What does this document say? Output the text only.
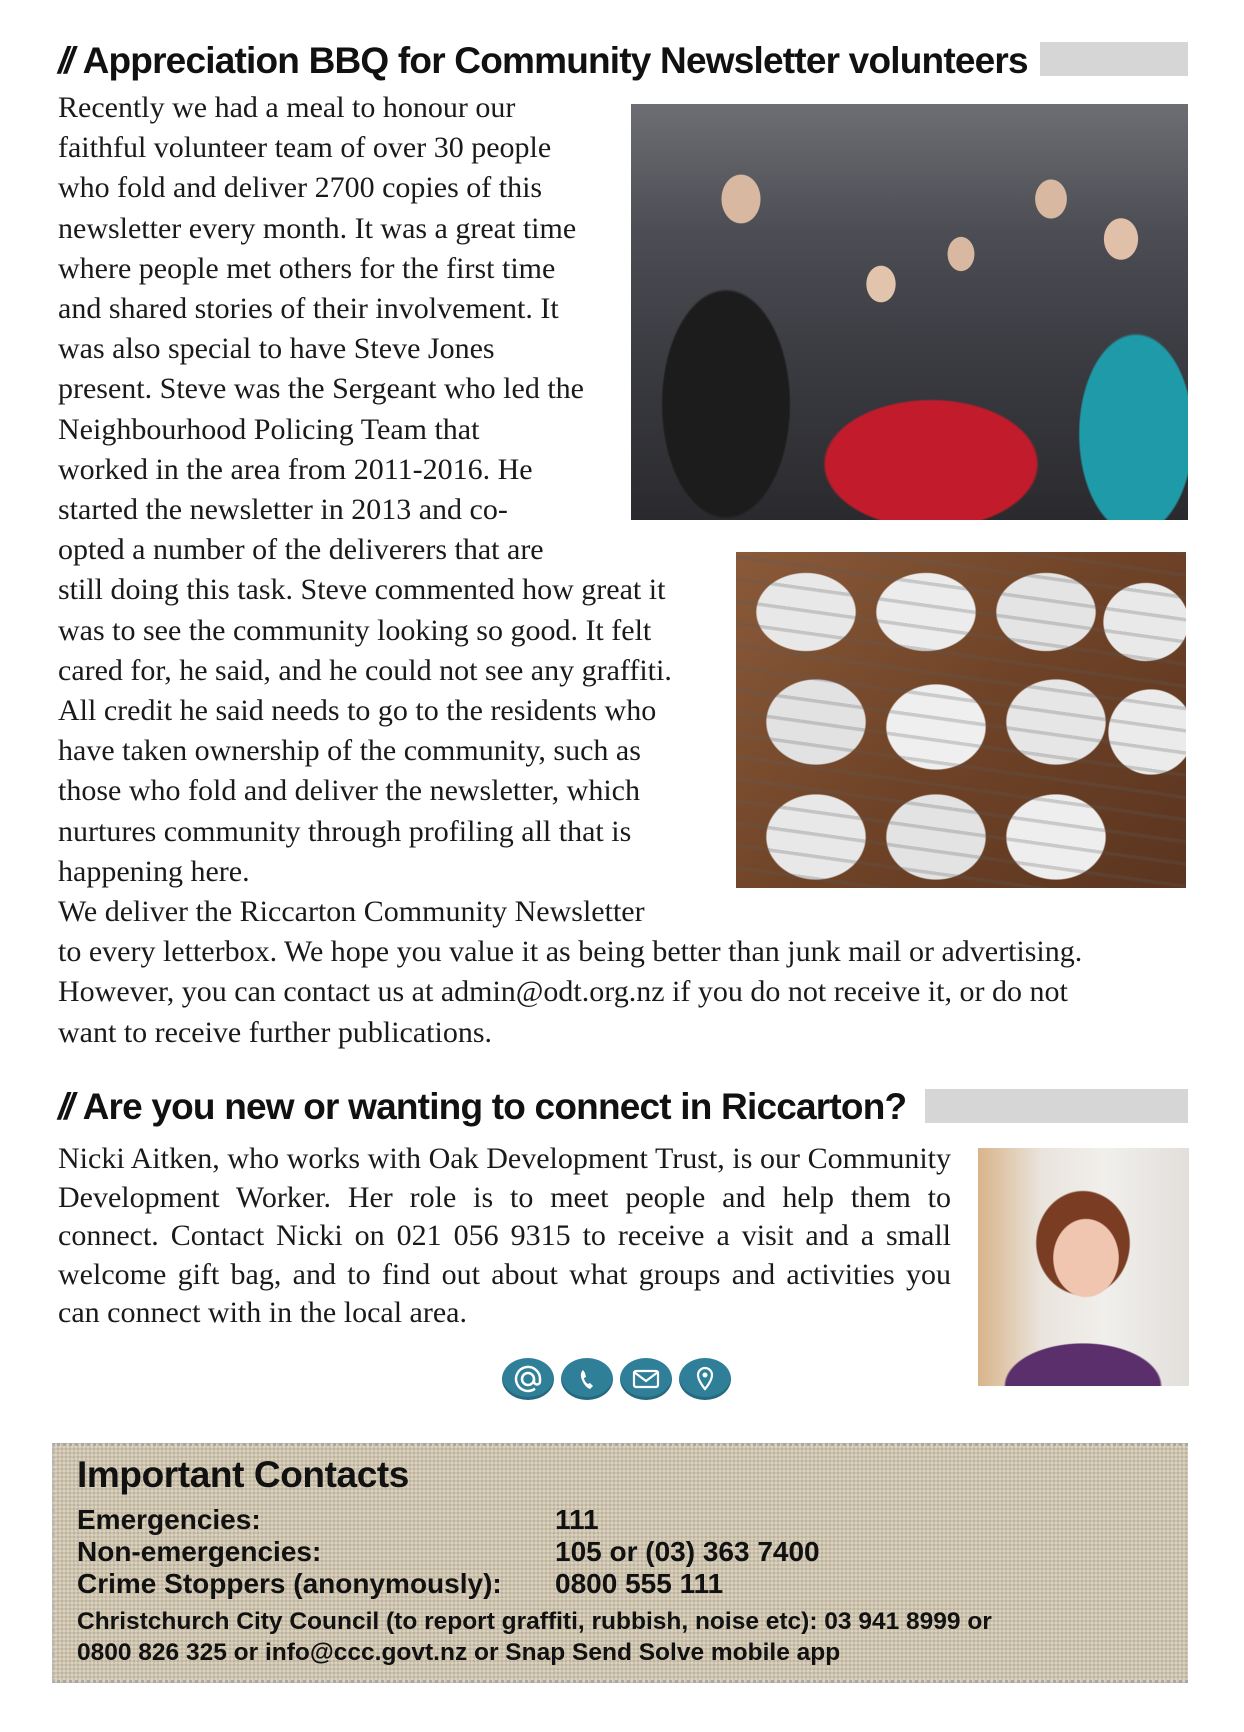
// Appreciation BBQ for Community Newsletter volunteers
Recently we had a meal to honour our
faithful volunteer team of over 30 people
who fold and deliver 2700 copies of this
newsletter every month. It was a great time
where people met others for the first time
and shared stories of their involvement. It
was also special to have Steve Jones
present. Steve was the Sergeant who led the
Neighbourhood Policing Team that
worked in the area from 2011-2016. He
started the newsletter in 2013 and co-
opted a number of the deliverers that are
still doing this task. Steve commented how great it
was to see the community looking so good. It felt
cared for, he said, and he could not see any graffiti.
All credit he said needs to go to the residents who
have taken ownership of the community, such as
those who fold and deliver the newsletter, which
nurtures community through profiling all that is
happening here.
We deliver the Riccarton Community Newsletter
to every letterbox. We hope you value it as being better than junk mail or advertising.
However, you can contact us at admin@odt.org.nz if you do not receive it, or do not
want to receive further publications.
// Are you new or wanting to connect in Riccarton?
Nicki Aitken, who works with Oak Development Trust, is our Community Development Worker. Her role is to meet people and help them to connect. Contact Nicki on 021 056 9315 to receive a visit and a small welcome gift bag, and to find out about what groups and activities you can connect with in the local area.
Important Contacts
Emergencies:	111
Non-emergencies:	105 or (03) 363 7400
Crime Stoppers (anonymously): 0800 555 111
Christchurch City Council (to report graffiti, rubbish, noise etc): 03 941 8999 or
0800 826 325 or info@ccc.govt.nz or Snap Send Solve mobile app
